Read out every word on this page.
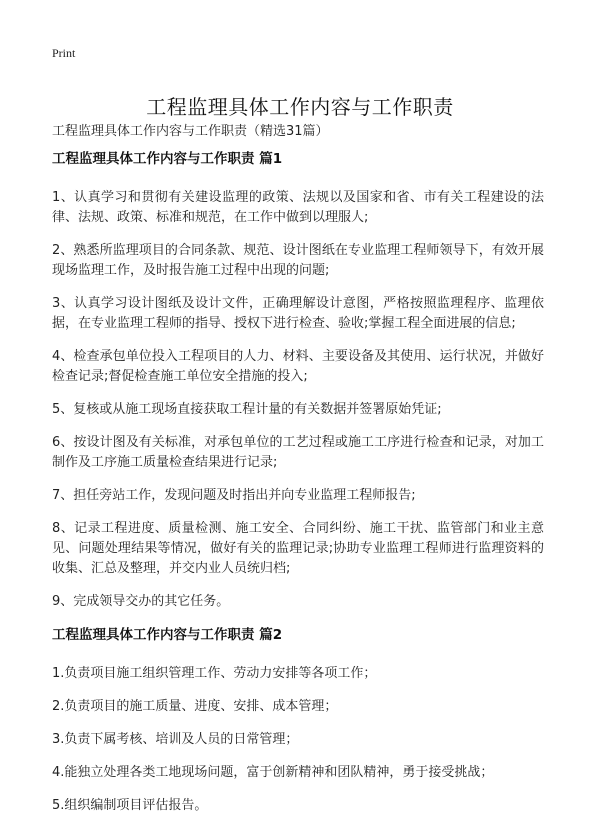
Print
工程监理具体工作内容与工作职责
工程监理具体工作内容与工作职责（精选31篇）
工程监理具体工作内容与工作职责 篇1

1、认真学习和贯彻有关建设监理的政策、法规以及国家和省、市有关工程建设的法律、法规、政策、标准和规范，在工作中做到以理服人;

2、熟悉所监理项目的合同条款、规范、设计图纸在专业监理工程师领导下，有效开展现场监理工作，及时报告施工过程中出现的问题;

3、认真学习设计图纸及设计文件，正确理解设计意图，严格按照监理程序、监理依据，在专业监理工程师的指导、授权下进行检查、验收;掌握工程全面进展的信息;

4、检查承包单位投入工程项目的人力、材料、主要设备及其使用、运行状况，并做好检查记录;督促检查施工单位安全措施的投入;

5、复核或从施工现场直接获取工程计量的有关数据并签署原始凭证;

6、按设计图及有关标准，对承包单位的工艺过程或施工工序进行检查和记录，对加工制作及工序施工质量检查结果进行记录;

7、担任旁站工作，发现问题及时指出并向专业监理工程师报告;

8、记录工程进度、质量检测、施工安全、合同纠纷、施工干扰、监管部门和业主意见、问题处理结果等情况，做好有关的监理记录;协助专业监理工程师进行监理资料的收集、汇总及整理，并交内业人员统归档;

9、完成领导交办的其它任务。

工程监理具体工作内容与工作职责 篇2

1.负责项目施工组织管理工作、劳动力安排等各项工作；

2.负责项目的施工质量、进度、安排、成本管理；

3.负责下属考核、培训及人员的日常管理；

4.能独立处理各类工地现场问题，富于创新精神和团队精神，勇于接受挑战；

5.组织编制项目评估报告。
